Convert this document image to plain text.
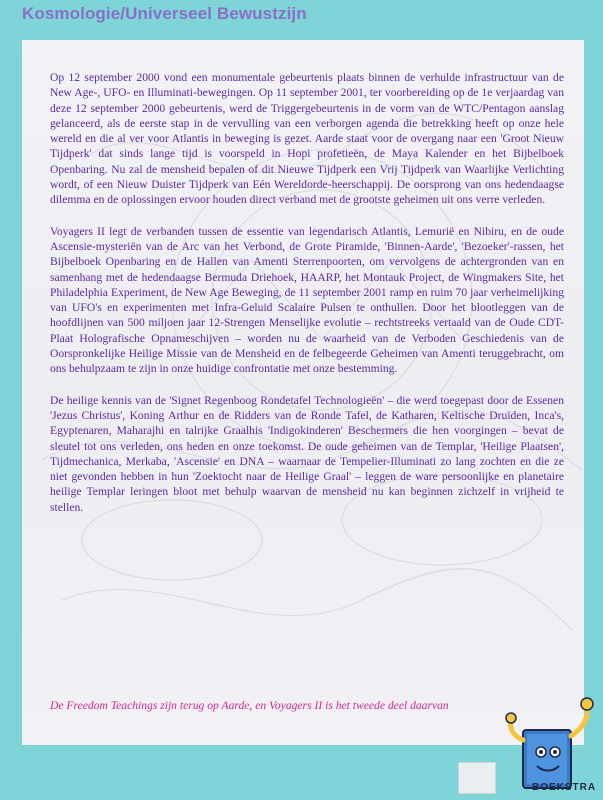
Kosmologie/Universeel Bewustzijn

Op 12 september 2000 vond een monumentale gebeurtenis plaats binnen de verhulde infrastructuur van de New Age-, UFO- en Illuminati-bewegingen. Op 11 september 2001, ter voorbereiding op de 1e verjaardag van deze 12 september 2000 gebeurtenis, werd de Triggergebeurtenis in de vorm van de WTC/Pentagon aanslag gelanceerd, als de eerste stap in de vervulling van een verborgen agenda die betrekking heeft op onze hele wereld en die al ver voor Atlantis in beweging is gezet. Aarde staat voor de overgang naar een 'Groot Nieuw Tijdperk' dat sinds lange tijd is voorspeld in Hopi profetieën, de Maya Kalender en het Bijbelboek Openbaring. Nu zal de mensheid bepalen of dit Nieuwe Tijdperk een Vrij Tijdperk van Waarlijke Verlichting wordt, of een Nieuw Duister Tijdperk van Eén Wereldorde-heerschappij. De oorsprong van ons hedendaagse dilemma en de oplossingen ervoor houden direct verband met de grootste geheimen uit ons verre verleden.

Voyagers II legt de verbanden tussen de essentie van legendarisch Atlantis, Lemurië en Nibiru, en de oude Ascensie-mysteriën van de Arc van het Verbond, de Grote Piramide, 'Binnen-Aarde', 'Bezoeker'-rassen, het Bijbelboek Openbaring en de Hallen van Amenti Sterrenpoorten, om vervolgens de achtergronden van en samenhang met de hedendaagse Bermuda Driehoek, HAARP, het Montauk Project, de Wingmakers Site, het Philadelphia Experiment, de New Age Beweging, de 11 september 2001 ramp en ruim 70 jaar verheimelijking van UFO's en experimenten met Infra-Geluid Scalaire Pulsen te onthullen. Door het blootleggen van de hoofdlijnen van 500 miljoen jaar 12-Strengen Menselijke evolutie – rechtstreeks vertaald van de Oude CDT-Plaat Holografische Opnameschijven – worden nu de waarheid van de Verboden Geschiedenis van de Oorspronkelijke Heilige Missie van de Mensheid en de felbegeerde Geheimen van Amenti teruggebracht, om ons behulpzaam te zijn in onze huidige confrontatie met onze bestemming.

De heilige kennis van de 'Signet Regenboog Rondetafel Technologieën' – die werd toegepast door de Essenen 'Jezus Christus', Koning Arthur en de Ridders van de Ronde Tafel, de Katharen, Keltische Druïden, Inca's, Egyptenaren, Maharajhi en talrijke Graalhis 'Indigokinderen' Beschermers die hen voorgingen – bevat de sleutel tot ons verleden, ons heden en onze toekomst. De oude geheimen van de Templar, 'Heilige Plaatsen', Tijdmechanica, Merkaba, 'Ascensie' en DNA – waarnaar de Tempelier-Illuminati zo lang zochten en die ze niet gevonden hebben in hun 'Zoektocht naar de Heilige Graal' – leggen de ware persoonlijke en planetaire heilige Templar leringen bloot met behulp waarvan de mensheid nu kan beginnen zichzelf in vrijheid te stellen.

De Freedom Teachings zijn terug op Aarde, en Voyagers II is het tweede deel daarvan
BOEKSTRA
